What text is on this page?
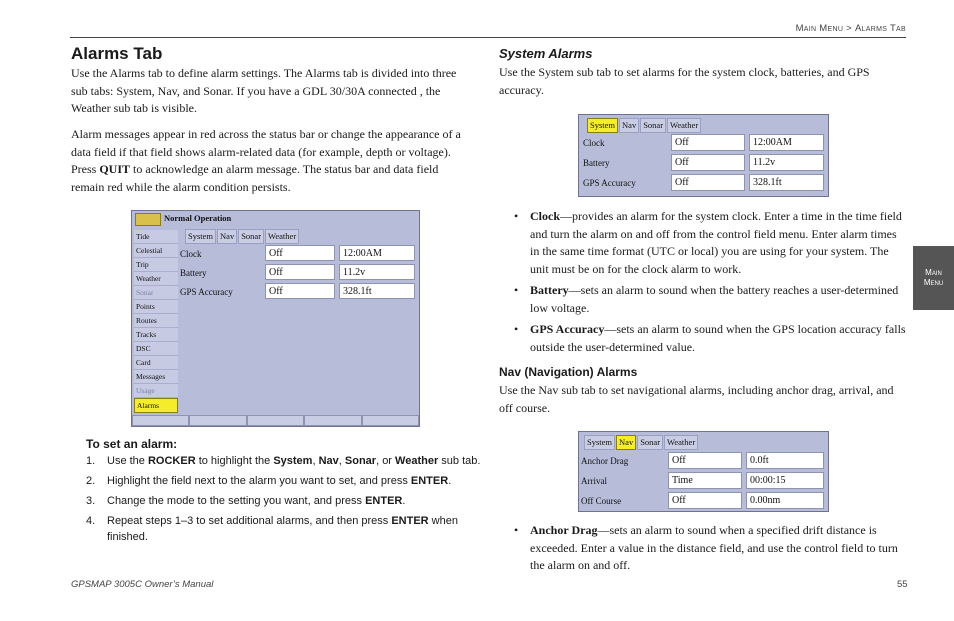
Main Menu > Alarms Tab
Main
Menu
Alarms Tab

Use the Alarms tab to define alarm settings. The Alarms tab is divided into three sub tabs: System, Nav, and Sonar. If you have a GDL 30/30A connected , the Weather sub tab is visible.

Alarm messages appear in red across the status bar or change the appearance of a data field if that field shows alarm-related data (for example, depth or voltage). Press QUIT to acknowledge an alarm message. The status bar and data field remain red while the alarm condition persists.

Normal Operation
System Nav Sonar Weather
Tide
Celestial
Trip
Weather
Sonar
Points
Routes
Tracks
DSC
Card
Messages
Usage
Alarms
Clock	Off	12:00AM
Battery	Off	11.2v
GPS Accuracy	Off	328.1ft

To set an alarm:

1. Use the ROCKER to highlight the System, Nav, Sonar, or Weather sub tab.
2. Highlight the field next to the alarm you want to set, and press ENTER.
3. Change the mode to the setting you want, and press ENTER.
4. Repeat steps 1–3 to set additional alarms, and then press ENTER when finished.

System Alarms

Use the System sub tab to set alarms for the system clock, batteries, and GPS accuracy.

System Nav Sonar Weather
Clock	Off	12:00AM
Battery	Off	11.2v
GPS Accuracy	Off	328.1ft
• Clock—provides an alarm for the system clock. Enter a time in the time field and turn the alarm on and off from the control field menu. Enter alarm times in the same time format (UTC or local) you are using for your system. The unit must be on for the clock alarm to work.
• Battery—sets an alarm to sound when the battery reaches a user-determined low voltage.
• GPS Accuracy—sets an alarm to sound when the GPS location accuracy falls outside the user-determined value.

Nav (Navigation) Alarms

Use the Nav sub tab to set navigational alarms, including anchor drag, arrival, and off course.

System Nav Sonar Weather
Anchor Drag	Off	0.0ft
Arrival	Time	00:00:15
Off Course	Off	0.00nm
• Anchor Drag—sets an alarm to sound when a specified drift distance is exceeded. Enter a value in the distance field, and use the control field to turn the alarm on and off.
GPSMAP 3005C Owner’s Manual	55
